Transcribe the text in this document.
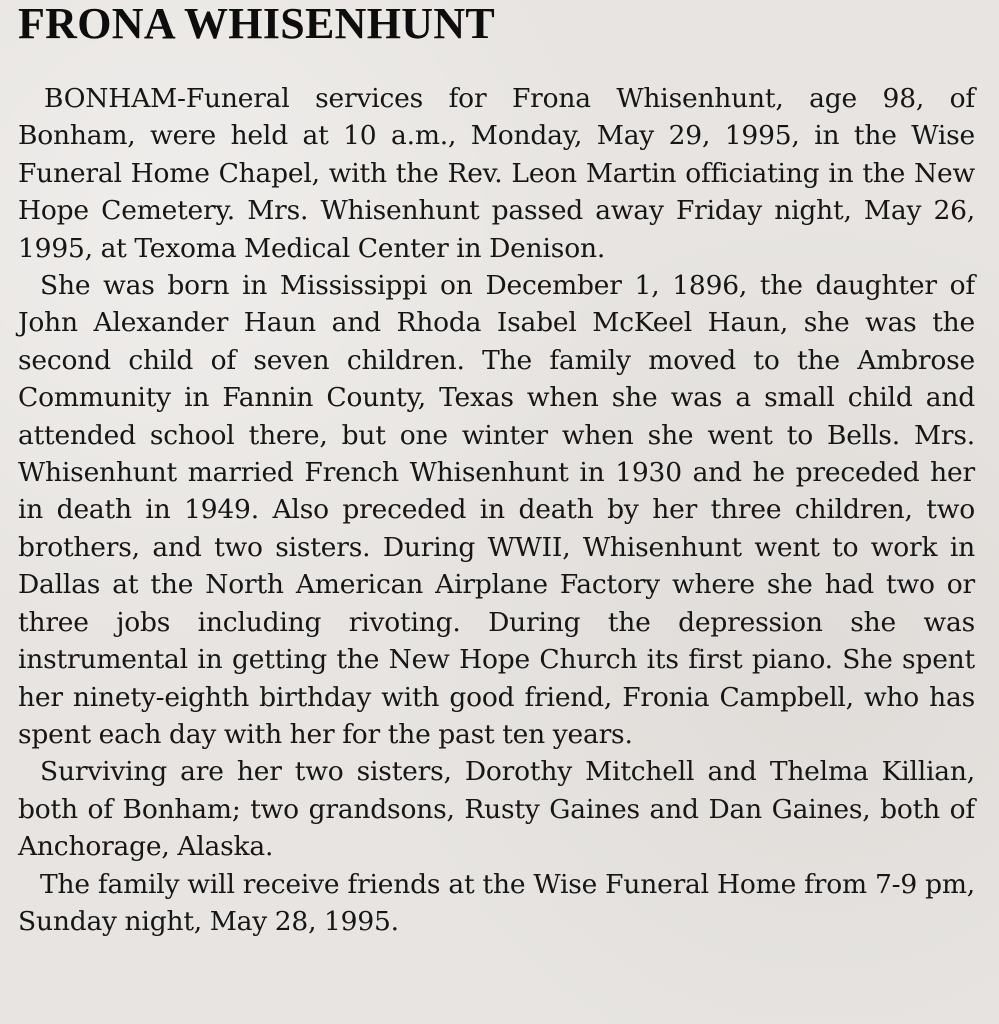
FRONA WHISENHUNT

BONHAM-Funeral services for Frona Whisenhunt, age 98, of Bonham, were held at 10 a.m., Monday, May 29, 1995, in the Wise Funeral Home Chapel, with the Rev. Leon Martin officiating in the New Hope Cemetery. Mrs. Whisenhunt passed away Friday night, May 26, 1995, at Texoma Medical Center in Denison.

She was born in Mississippi on December 1, 1896, the daughter of John Alexander Haun and Rhoda Isabel McKeel Haun, she was the second child of seven children. The family moved to the Ambrose Community in Fannin County, Texas when she was a small child and attended school there, but one winter when she went to Bells. Mrs. Whisenhunt married French Whisenhunt in 1930 and he preceded her in death in 1949. Also preceded in death by her three children, two brothers, and two sisters. During WWII, Whisenhunt went to work in Dallas at the North American Airplane Factory where she had two or three jobs including rivoting. During the depression she was instrumental in getting the New Hope Church its first piano. She spent her ninety-eighth birthday with good friend, Fronia Campbell, who has spent each day with her for the past ten years.

Surviving are her two sisters, Dorothy Mitchell and Thelma Killian, both of Bonham; two grandsons, Rusty Gaines and Dan Gaines, both of Anchorage, Alaska.

The family will receive friends at the Wise Funeral Home from 7-9 pm, Sunday night, May 28, 1995.
